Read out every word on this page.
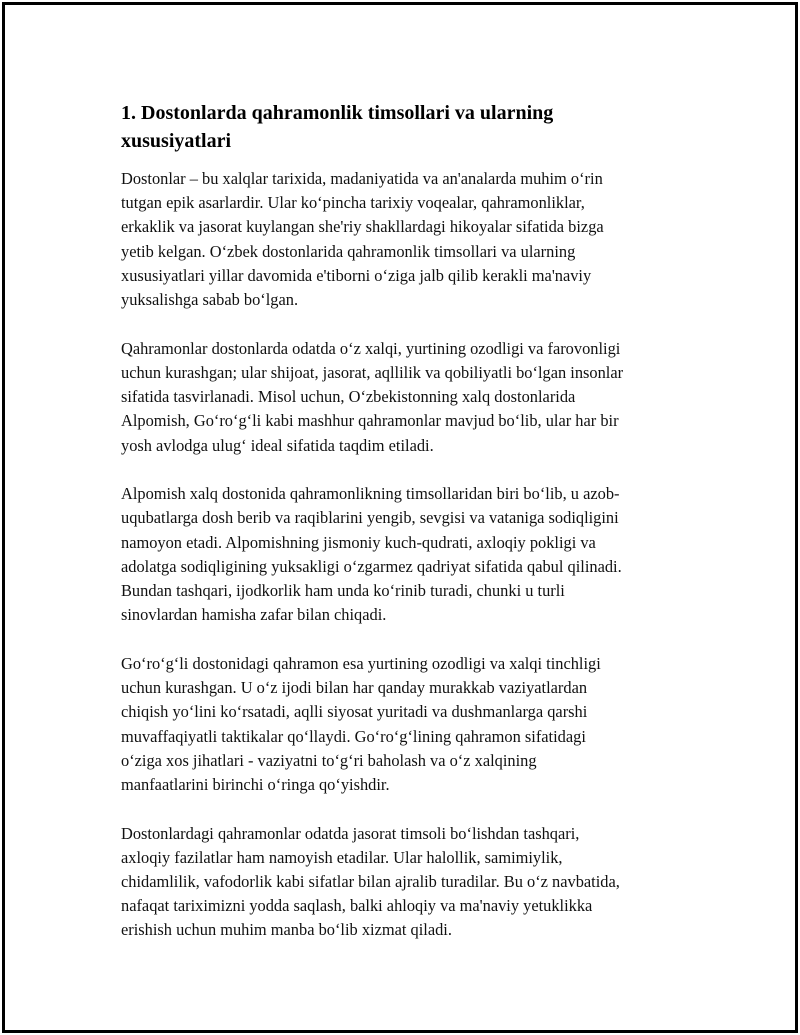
1. Dostonlarda qahramonlik timsollari va ularning
xususiyatlari

Dostonlar – bu xalqlar tarixida, madaniyatida va an'analarda muhim o‘rin
tutgan epik asarlardir. Ular ko‘pincha tarixiy voqealar, qahramonliklar,
erkaklik va jasorat kuylangan she'riy shakllardagi hikoyalar sifatida bizga
yetib kelgan. O‘zbek dostonlarida qahramonlik timsollari va ularning
xususiyatlari yillar davomida e'tiborni o‘ziga jalb qilib kerakli ma'naviy
yuksalishga sabab bo‘lgan.

Qahramonlar dostonlarda odatda o‘z xalqi, yurtining ozodligi va farovonligi
uchun kurashgan; ular shijoat, jasorat, aqllilik va qobiliyatli bo‘lgan insonlar
sifatida tasvirlanadi. Misol uchun, O‘zbekistonning xalq dostonlarida
Alpomish, Go‘ro‘g‘li kabi mashhur qahramonlar mavjud bo‘lib, ular har bir
yosh avlodga ulug‘ ideal sifatida taqdim etiladi.

Alpomish xalq dostonida qahramonlikning timsollaridan biri bo‘lib, u azob-
uqubatlarga dosh berib va raqiblarini yengib, sevgisi va vataniga sodiqligini
namoyon etadi. Alpomishning jismoniy kuch-qudrati, axloqiy pokligi va
adolatga sodiqligining yuksakligi o‘zgarmez qadriyat sifatida qabul qilinadi.
Bundan tashqari, ijodkorlik ham unda ko‘rinib turadi, chunki u turli
sinovlardan hamisha zafar bilan chiqadi.

Go‘ro‘g‘li dostonidagi qahramon esa yurtining ozodligi va xalqi tinchligi
uchun kurashgan. U o‘z ijodi bilan har qanday murakkab vaziyatlardan
chiqish yo‘lini ko‘rsatadi, aqlli siyosat yuritadi va dushmanlarga qarshi
muvaffaqiyatli taktikalar qo‘llaydi. Go‘ro‘g‘lining qahramon sifatidagi
o‘ziga xos jihatlari - vaziyatni to‘g‘ri baholash va o‘z xalqining
manfaatlarini birinchi o‘ringa qo‘yishdir.

Dostonlardagi qahramonlar odatda jasorat timsoli bo‘lishdan tashqari,
axloqiy fazilatlar ham namoyish etadilar. Ular halollik, samimiylik,
chidamlilik, vafodorlik kabi sifatlar bilan ajralib turadilar. Bu o‘z navbatida,
nafaqat tariximizni yodda saqlash, balki ahloqiy va ma'naviy yetuklikka
erishish uchun muhim manba bo‘lib xizmat qiladi.
